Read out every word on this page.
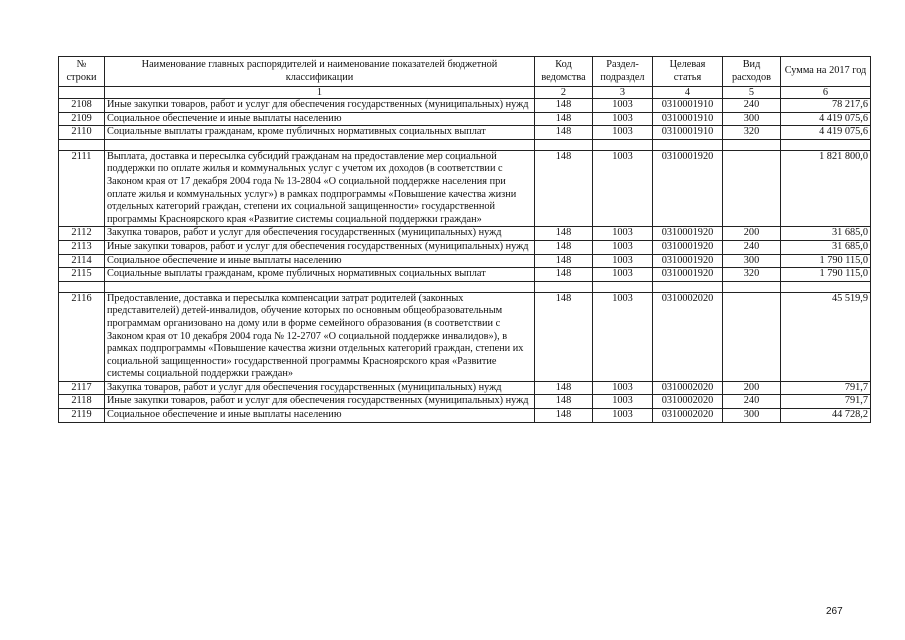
№ строки	Наименование главных распорядителей и наименование показателей бюджетной классификации	Код ведомства	Раздел-подраздел	Целевая статья	Вид расходов	Сумма на 2017 год
	1	2	3	4	5	6
2108	Иные закупки товаров, работ и услуг для обеспечения государственных (муниципальных) нужд	148	1003	0310001910	240	78 217,6
2109	Социальное обеспечение и иные выплаты населению	148	1003	0310001910	300	4 419 075,6
2110	Социальные выплаты гражданам, кроме публичных нормативных социальных выплат	148	1003	0310001910	320	4 419 075,6

2111	Выплата, доставка и пересылка субсидий гражданам на предоставление мер социальной поддержки по оплате жилья и коммунальных услуг с учетом их доходов (в соответствии с Законом края от 17 декабря 2004 года № 13-2804 «О социальной поддержке населения при оплате жилья и коммунальных услуг») в рамках подпрограммы «Повышение качества жизни отдельных категорий граждан, степени их социальной защищенности» государственной программы Красноярского края «Развитие системы социальной поддержки граждан»	148	1003	0310001920		1 821 800,0
2112	Закупка товаров, работ и услуг для обеспечения государственных (муниципальных) нужд	148	1003	0310001920	200	31 685,0
2113	Иные закупки товаров, работ и услуг для обеспечения государственных (муниципальных) нужд	148	1003	0310001920	240	31 685,0
2114	Социальное обеспечение и иные выплаты населению	148	1003	0310001920	300	1 790 115,0
2115	Социальные выплаты гражданам, кроме публичных нормативных социальных выплат	148	1003	0310001920	320	1 790 115,0

2116	Предоставление, доставка и пересылка компенсации затрат родителей (законных представителей) детей-инвалидов, обучение которых по основным общеобразовательным программам организовано на дому или в форме семейного образования (в соответствии с Законом края от 10 декабря 2004 года № 12-2707 «О социальной поддержке инвалидов»), в рамках подпрограммы «Повышение качества жизни отдельных категорий граждан, степени их социальной защищенности» государственной программы Красноярского края «Развитие системы социальной поддержки граждан»	148	1003	0310002020		45 519,9
2117	Закупка товаров, работ и услуг для обеспечения государственных (муниципальных) нужд	148	1003	0310002020	200	791,7
2118	Иные закупки товаров, работ и услуг для обеспечения государственных (муниципальных) нужд	148	1003	0310002020	240	791,7
2119	Социальное обеспечение и иные выплаты населению	148	1003	0310002020	300	44 728,2
267
